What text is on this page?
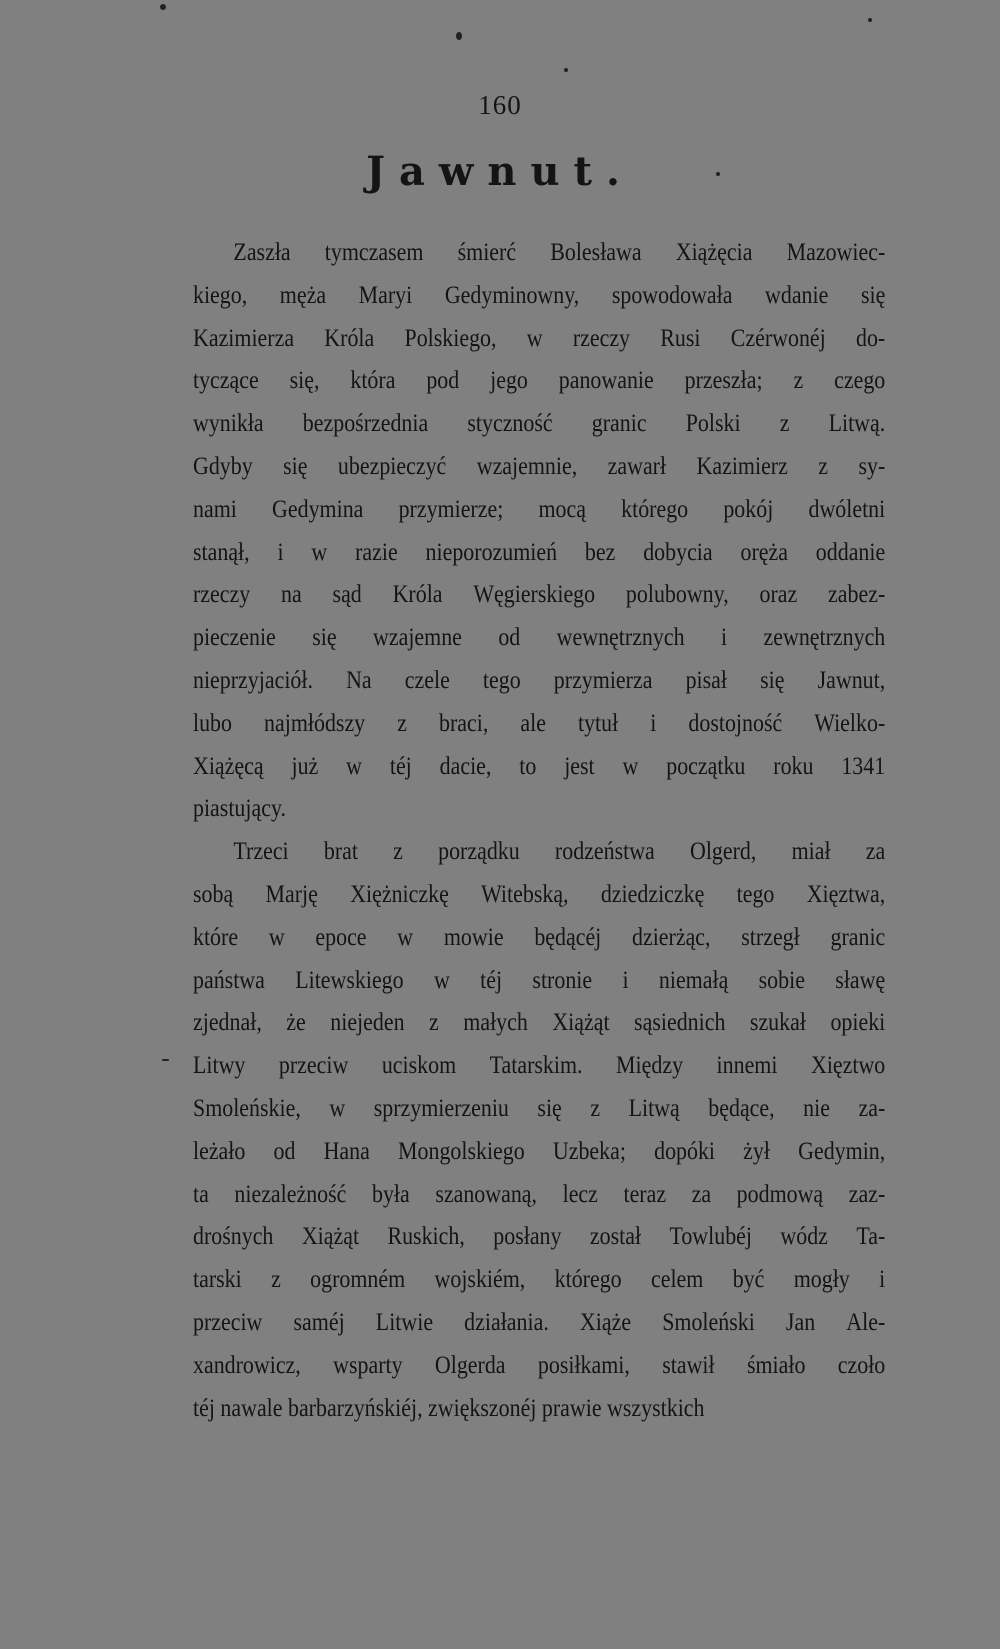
160
Jawnut.
Zaszła tymczasem śmierć Bolesława Xiążęcia Mazowiec-
kiego, męża Maryi Gedyminowny, spowodowała wdanie się
Kazimierza Króla Polskiego, w rzeczy Rusi Czérwonéj do-
tyczące się, która pod jego panowanie przeszła; z czego
wynikła bezpośrzednia styczność granic Polski z Litwą.
Gdyby się ubezpieczyć wzajemnie, zawarł Kazimierz z sy-
nami Gedymina przymierze; mocą którego pokój dwóletni
stanął, i w razie nieporozumień bez dobycia oręża oddanie
rzeczy na sąd Króla Węgierskiego polubowny, oraz zabez-
pieczenie się wzajemne od wewnętrznych i zewnętrznych
nieprzyjaciół. Na czele tego przymierza pisał się Jawnut,
lubo najmłódszy z braci, ale tytuł i dostojność Wielko-
Xiążęcą już w téj dacie, to jest w początku roku 1341
piastujący.
Trzeci brat z porządku rodzeństwa Olgerd, miał za
sobą Marję Xiężniczkę Witebską, dziedziczkę tego Xięztwa,
które w epoce w mowie będącéj dzierżąc, strzegł granic
państwa Litewskiego w téj stronie i niemałą sobie sławę
zjednał, że niejeden z małych Xiążąt sąsiednich szukał opieki
Litwy przeciw uciskom Tatarskim. Między innemi Xięztwo
Smoleńskie, w sprzymierzeniu się z Litwą będące, nie za-
leżało od Hana Mongolskiego Uzbeka; dopóki żył Gedymin,
ta niezależność była szanowaną, lecz teraz za podmową zaz-
drośnych Xiążąt Ruskich, posłany został Towlubéj wódz Ta-
tarski z ogromném wojskiém, którego celem być mogły i
przeciw saméj Litwie działania. Xiąże Smoleński Jan Ale-
xandrowicz, wsparty Olgerda posiłkami, stawił śmiało czoło
téj nawale barbarzyńskiéj, zwiększonéj prawie wszystkich
